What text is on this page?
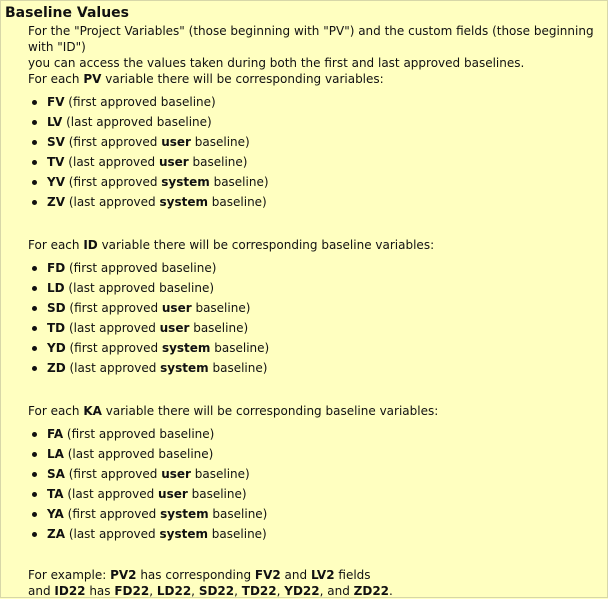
Baseline Values

For the "Project Variables" (those beginning with "PV") and the custom fields (those beginning with "ID")

you can access the values taken during both the first and last approved baselines.

For each PV variable there will be corresponding variables:

FV (first approved baseline)
LV (last approved baseline)
SV (first approved user baseline)
TV (last approved user baseline)
YV (first approved system baseline)
ZV (last approved system baseline)

For each ID variable there will be corresponding baseline variables:

FD (first approved baseline)
LD (last approved baseline)
SD (first approved user baseline)
TD (last approved user baseline)
YD (first approved system baseline)
ZD (last approved system baseline)

For each KA variable there will be corresponding baseline variables:

FA (first approved baseline)
LA (last approved baseline)
SA (first approved user baseline)
TA (last approved user baseline)
YA (first approved system baseline)
ZA (last approved system baseline)
For example: PV2 has corresponding FV2 and LV2 fields
and ID22 has FD22, LD22, SD22, TD22, YD22, and ZD22.
